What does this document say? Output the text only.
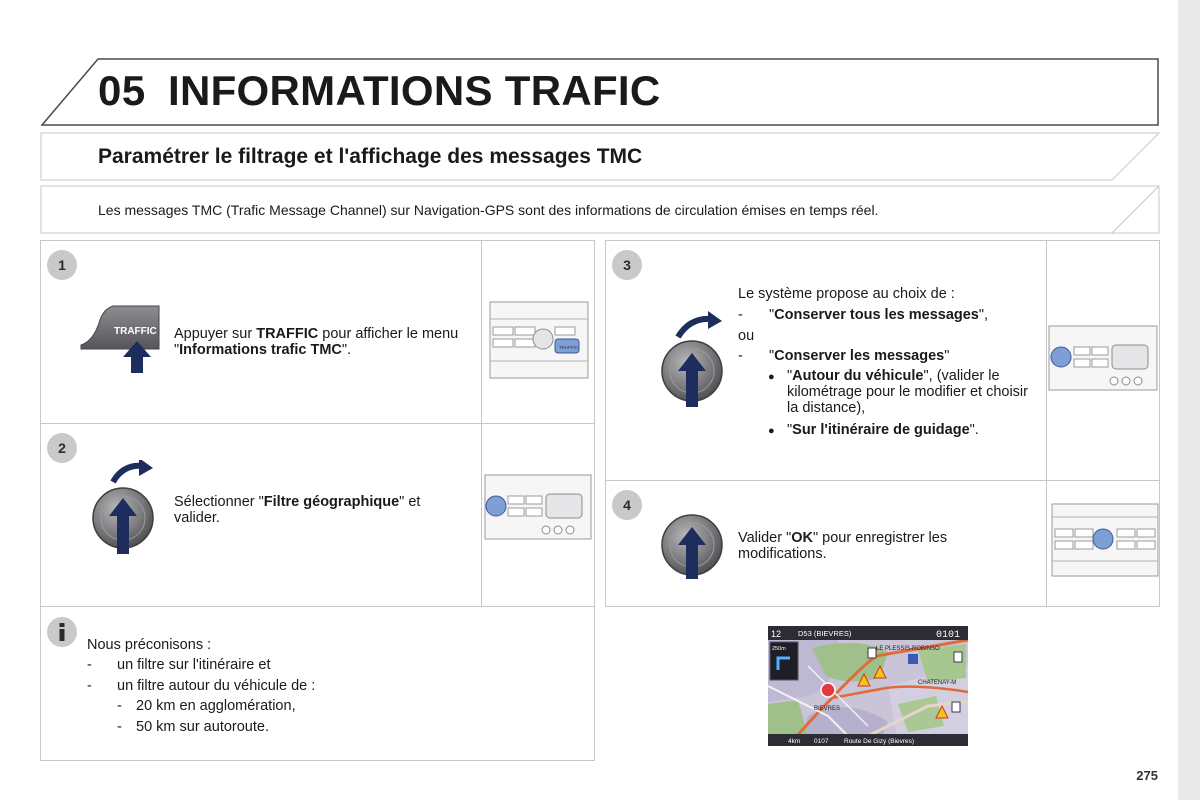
05 INFORMATIONS TRAFIC
Paramétrer le filtrage et l'affichage des messages TMC
Les messages TMC (Trafic Message Channel) sur Navigation-GPS sont des informations de circulation émises en temps réel.
1
TRAFFIC Appuyer sur TRAFFIC pour afficher le menu "Informations trafic TMC".	TRAFFIC
2
Sélectionner "Filtre géographique" et valider.
3
Le système propose au choix de :
- "Conserver tous les messages",
ou
- "Conserver les messages"
● "Autour du véhicule", (valider le kilométrage pour le modifier et choisir la distance),
● "Sur l'itinéraire de guidage".
4
Valider "OK" pour enregistrer les modifications.
Nous préconisons :
- un filtre sur l'itinéraire et
- un filtre autour du véhicule de :
- 20 km en agglomération,
- 50 km sur autoroute.
12 D53 (BIEVRES)	0101
250m	LE PLESSIS-ROBINSO
CHATENAY-M
BIEVRES
4km 0107 Route De Gizy (Bievres)
275
